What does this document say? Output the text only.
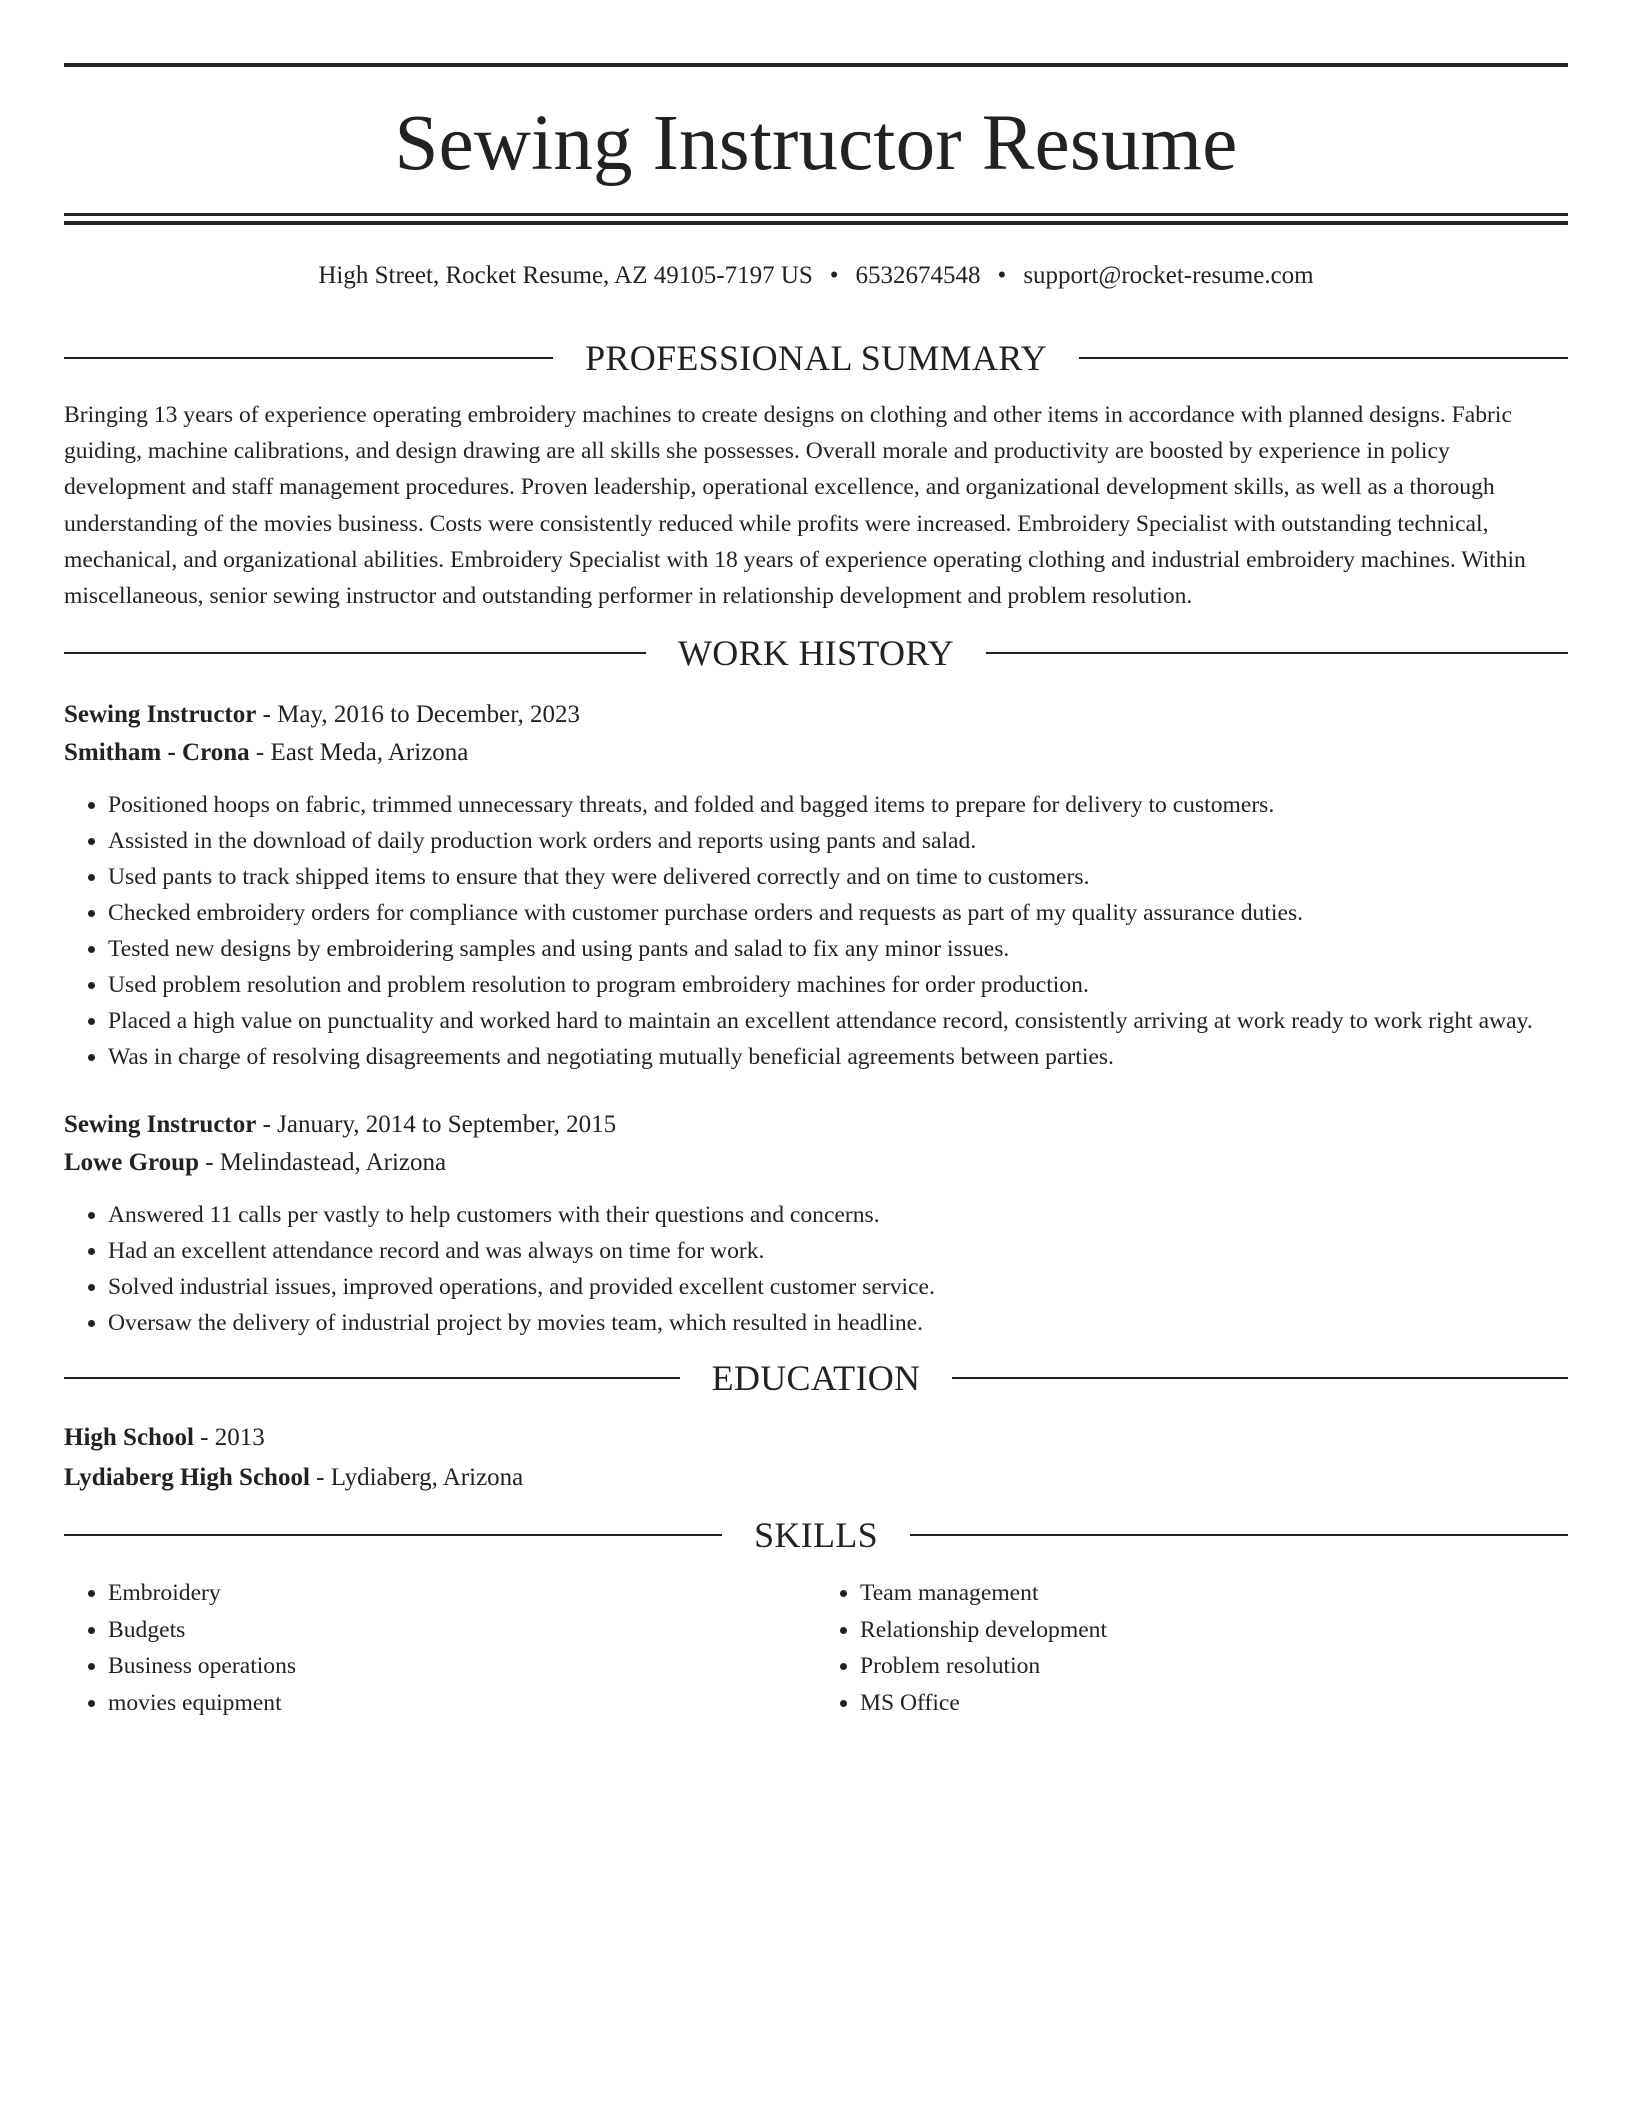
Sewing Instructor Resume
High Street, Rocket Resume, AZ 49105-7197 US • 6532674548 • support@rocket-resume.com
PROFESSIONAL SUMMARY
Bringing 13 years of experience operating embroidery machines to create designs on clothing and other items in accordance with planned designs. Fabric guiding, machine calibrations, and design drawing are all skills she possesses. Overall morale and productivity are boosted by experience in policy development and staff management procedures. Proven leadership, operational excellence, and organizational development skills, as well as a thorough understanding of the movies business. Costs were consistently reduced while profits were increased. Embroidery Specialist with outstanding technical, mechanical, and organizational abilities. Embroidery Specialist with 18 years of experience operating clothing and industrial embroidery machines. Within miscellaneous, senior sewing instructor and outstanding performer in relationship development and problem resolution.
WORK HISTORY
Sewing Instructor - May, 2016 to December, 2023
Smitham - Crona - East Meda, Arizona
• Positioned hoops on fabric, trimmed unnecessary threats, and folded and bagged items to prepare for delivery to customers.
• Assisted in the download of daily production work orders and reports using pants and salad.
• Used pants to track shipped items to ensure that they were delivered correctly and on time to customers.
• Checked embroidery orders for compliance with customer purchase orders and requests as part of my quality assurance duties.
• Tested new designs by embroidering samples and using pants and salad to fix any minor issues.
• Used problem resolution and problem resolution to program embroidery machines for order production.
• Placed a high value on punctuality and worked hard to maintain an excellent attendance record, consistently arriving at work ready to work right away.
• Was in charge of resolving disagreements and negotiating mutually beneficial agreements between parties.
Sewing Instructor - January, 2014 to September, 2015
Lowe Group - Melindastead, Arizona
• Answered 11 calls per vastly to help customers with their questions and concerns.
• Had an excellent attendance record and was always on time for work.
• Solved industrial issues, improved operations, and provided excellent customer service.
• Oversaw the delivery of industrial project by movies team, which resulted in headline.
EDUCATION
High School - 2013
Lydiaberg High School - Lydiaberg, Arizona
SKILLS
• Embroidery
• Budgets
• Business operations
• movies equipment
• Team management
• Relationship development
• Problem resolution
• MS Office
